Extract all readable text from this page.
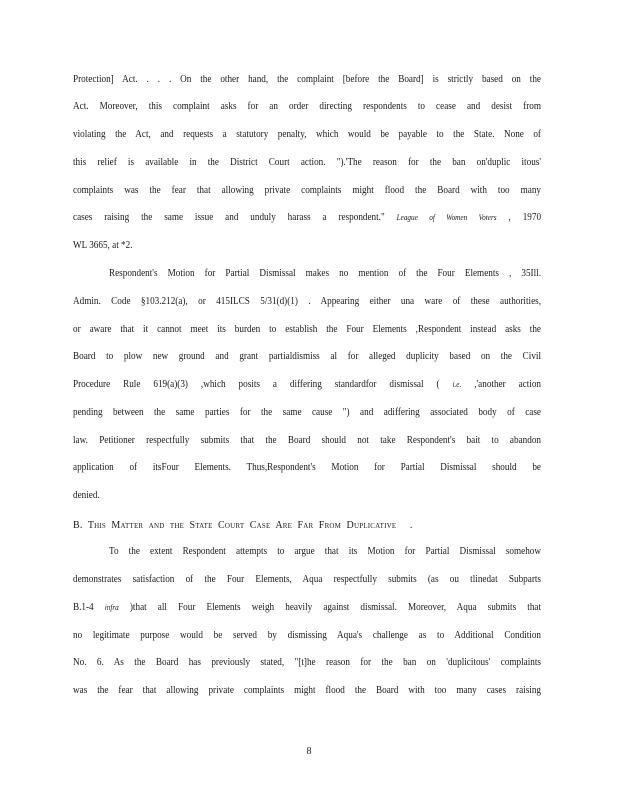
Protection] Act. . . . On the other hand, the complaint [before the Board] is strictly based on the
Act. Moreover, this complaint asks for an order directing respondents to cease and desist from
violating the Act, and requests a statutory penalty, which would be payable to the State. None of
this relief is available in the District Court action. ").'The reason for the ban on'duplic itous'
complaints was the fear that allowing private complaints might flood the Board with too many
cases raising the same issue and unduly harass a respondent." League of Women Voters , 1970
WL 3665, at *2.
Respondent's Motion for Partial Dismissal makes no mention of the Four Elements , 35Ill.
Admin. Code §103.212(a), or 415ILCS 5/31(d)(1) . Appearing either una ware of these authorities,
or aware that it cannot meet its burden to establish the Four Elements ,Respondent instead asks the
Board to plow new ground and grant partialdismiss al for alleged duplicity based on the Civil
Procedure Rule 619(a)(3) ,which posits a differing standardfor dismissal ( i.e. ,'another action
pending between the same parties for the same cause ") and adiffering associated body of case
law. Petitioner respectfully submits that the Board should not take Respondent's bait to abandon
application of itsFour Elements. Thus,Respondent's Motion for Partial Dismissal should be
denied.
B. THIS MATTER AND THE STATE COURT CASE ARE FAR FROM DUPLICATIVE .
To the extent Respondent attempts to argue that its Motion for Partial Dismissal somehow
demonstrates satisfaction of the Four Elements, Aqua respectfully submits (as ou tlinedat Subparts
B.1-4 infra )that all Four Elements weigh heavily against dismissal. Moreover, Aqua submits that
no legitimate purpose would be served by dismissing Aqua's challenge as to Additional Condition
No. 6. As the Board has previously stated, "[t]he reason for the ban on 'duplicitous' complaints
was the fear that allowing private complaints might flood the Board with too many cases raising
8
